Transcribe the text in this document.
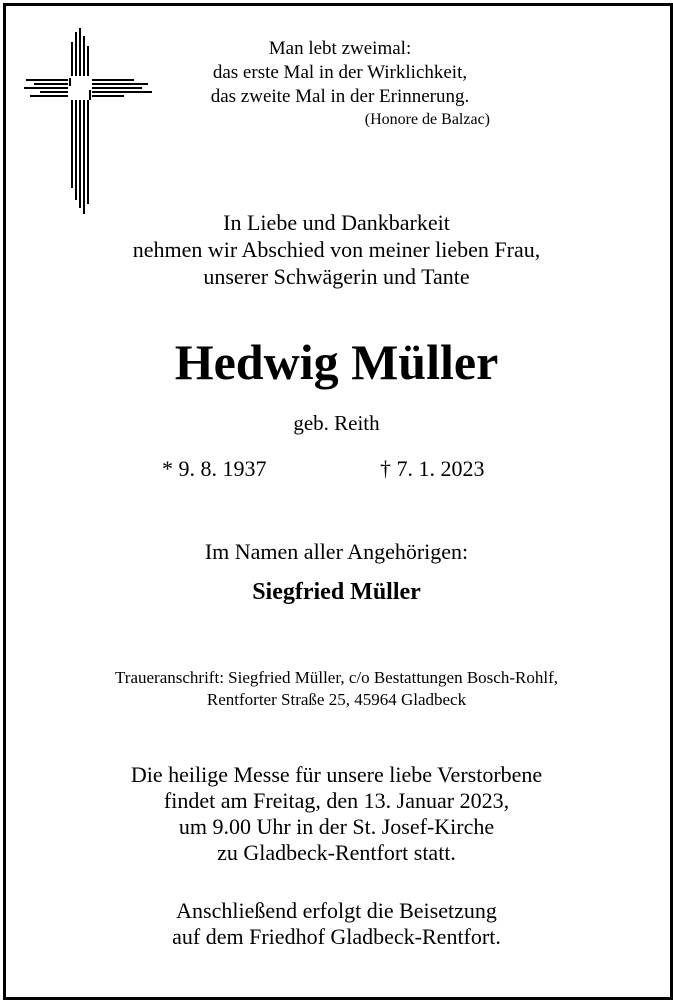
Man lebt zweimal:
das erste Mal in der Wirklichkeit,
das zweite Mal in der Erinnerung.
(Honore de Balzac)
In Liebe und Dankbarkeit
nehmen wir Abschied von meiner lieben Frau,
unserer Schwägerin und Tante
Hedwig Müller
geb. Reith
* 9. 8. 1937	† 7. 1. 2023
Im Namen aller Angehörigen:
Siegfried Müller
Traueranschrift: Siegfried Müller, c/o Bestattungen Bosch-Rohlf,
Rentforter Straße 25, 45964 Gladbeck
Die heilige Messe für unsere liebe Verstorbene
findet am Freitag, den 13. Januar 2023,
um 9.00 Uhr in der St. Josef-Kirche
zu Gladbeck-Rentfort statt.
Anschließend erfolgt die Beisetzung
auf dem Friedhof Gladbeck-Rentfort.
